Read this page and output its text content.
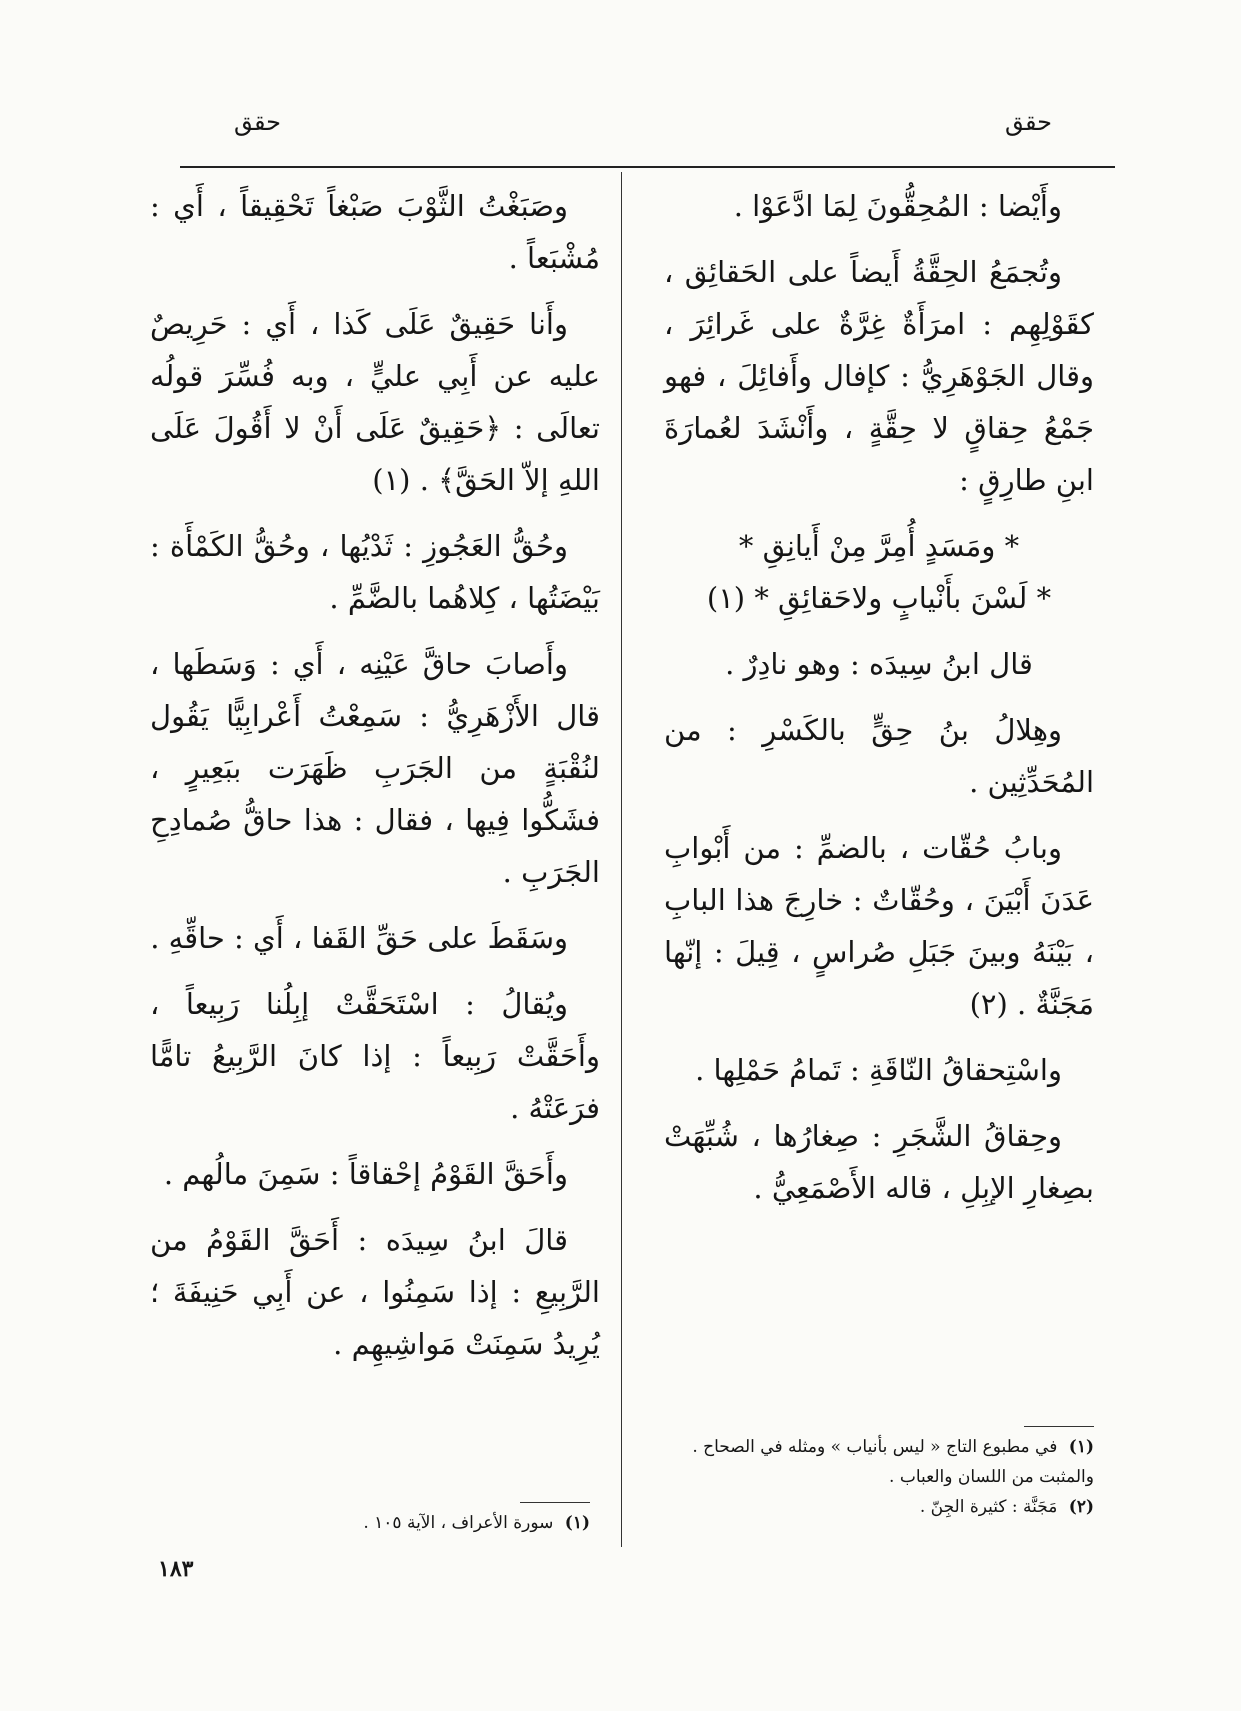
حقق
حقق

وأَيْضا : المُحِقُّونَ لِمَا ادَّعَوْا .

وتُجمَعُ الحِقَّةُ أَيضاً على الحَقائِق ، كقَوْلِهِم : امرَأَةٌ غِرَّةٌ على غَرائِرَ ، وقال الجَوْهَرِيُّ : كإفال وأَفائِلَ ، فهو جَمْعُ حِقاقٍ لا حِقَّةٍ ، وأَنْشَدَ لعُمارَةَ ابنِ طارِقٍ :

* ومَسَدٍ أُمِرَّ مِنْ أَيانِقِ *

* لَسْنَ بأَنْيابٍ ولاحَقائِقِ * (١)

قال ابنُ سِيدَه : وهو نادِرٌ .

وهِلالُ بنُ حِقٍّ بالكَسْرِ : من المُحَدِّثِين .

وبابُ حُقّات ، بالضمِّ : من أَبْوابِ عَدَنَ أَبْيَنَ ، وحُقّاتٌ : خارِجَ هذا البابِ ، بَيْنَهُ وبينَ جَبَلِ صُراسٍ ، قِيلَ : إنّها مَجَنَّةٌ . (٢)

واسْتِحقاقُ النّاقَةِ : تَمامُ حَمْلِها .

وحِقاقُ الشَّجَرِ : صِغارُها ، شُبِّهَتْ بصِغارِ الإبِلِ ، قاله الأَصْمَعِيُّ .

وصَبَغْتُ الثَّوْبَ صَبْغاً تَحْقِيقاً ، أَي : مُشْبَعاً .

وأَنا حَقِيقٌ عَلَى كَذا ، أَي : حَرِيصٌ عليه عن أَبِي عليٍّ ، وبه فُسِّرَ قولُه تعالَى : ﴿حَقِيقٌ عَلَى أَنْ لا أَقُولَ عَلَى اللهِ إلاّ الحَقَّ﴾ . (١)

وحُقُّ العَجُوزِ : ثَدْيُها ، وحُقُّ الكَمْأَة : بَيْضَتُها ، كِلاهُما بالضَّمِّ .

وأَصابَ حاقَّ عَيْنِه ، أَي : وَسَطَها ، قال الأَزْهَرِيُّ : سَمِعْتُ أَعْرابِيًّا يَقُول لنُقْبَةٍ من الجَرَبِ ظَهَرَت ببَعِيرٍ ، فشَكُّوا فِيها ، فقال : هذا حاقُّ صُمادِحِ الجَرَبِ .

وسَقَطَ على حَقِّ القَفا ، أَي : حاقِّهِ .

ويُقالُ : اسْتَحَقَّتْ إبِلُنا رَبِيعاً ، وأَحَقَّتْ رَبِيعاً : إذا كانَ الرَّبِيعُ تامًّا فرَعَتْهُ .

وأَحَقَّ القَوْمُ إحْقاقاً : سَمِنَ مالُهم .

قالَ ابنُ سِيدَه : أَحَقَّ القَوْمُ من الرَّبِيعِ : إذا سَمِنُوا ، عن أَبِي حَنِيفَةَ ؛ يُرِيدُ سَمِنَتْ مَواشِيهِم .

(١) في مطبوع التاج « ليس بأنياب » ومثله في الصحاح . والمثبت من اللسان والعباب .

(٢) مَجَنَّة : كثيرة الجِنّ .

(١) سورة الأعراف ، الآية ١٠٥ .

١٨٣
